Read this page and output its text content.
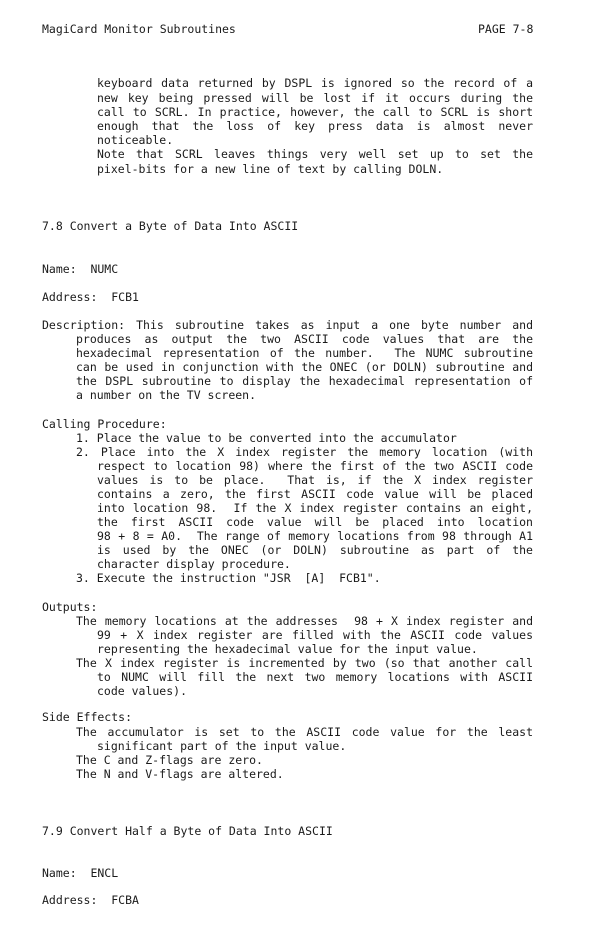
MagiCard Monitor Subroutines	PAGE 7-8
keyboard data returned by DSPL is ignored so the record of a
new key being pressed will be lost if it occurs during the
call to SCRL. In practice, however, the call to SCRL is short
enough that the loss of key press data is almost never
noticeable.
Note that SCRL leaves things very well set up to set the
pixel-bits for a new line of text by calling DOLN.
7.8 Convert a Byte of Data Into ASCII
Name:  NUMC
Address:  FCB1
Description: This subroutine takes as input a one byte number and
produces as output the two ASCII code values that are the
hexadecimal representation of the number.  The NUMC subroutine
can be used in conjunction with the ONEC (or DOLN) subroutine and
the DSPL subroutine to display the hexadecimal representation of
a number on the TV screen.
Calling Procedure:
1. Place the value to be converted into the accumulator
2. Place into the X index register the memory location (with
respect to location 98) where the first of the two ASCII code
values is to be place.  That is, if the X index register
contains a zero, the first ASCII code value will be placed
into location 98.  If the X index register contains an eight,
the first ASCII code value will be placed into location
98 + 8 = A0.  The range of memory locations from 98 through A1
is used by the ONEC (or DOLN) subroutine as part of the
character display procedure.
3. Execute the instruction "JSR  [A]  FCB1".
Outputs:
The memory locations at the addresses  98 + X index register and
99 + X index register are filled with the ASCII code values
representing the hexadecimal value for the input value.
The X index register is incremented by two (so that another call
to NUMC will fill the next two memory locations with ASCII
code values).
Side Effects:
The accumulator is set to the ASCII code value for the least
significant part of the input value.
The C and Z-flags are zero.
The N and V-flags are altered.
7.9 Convert Half a Byte of Data Into ASCII
Name:  ENCL
Address:  FCBA
